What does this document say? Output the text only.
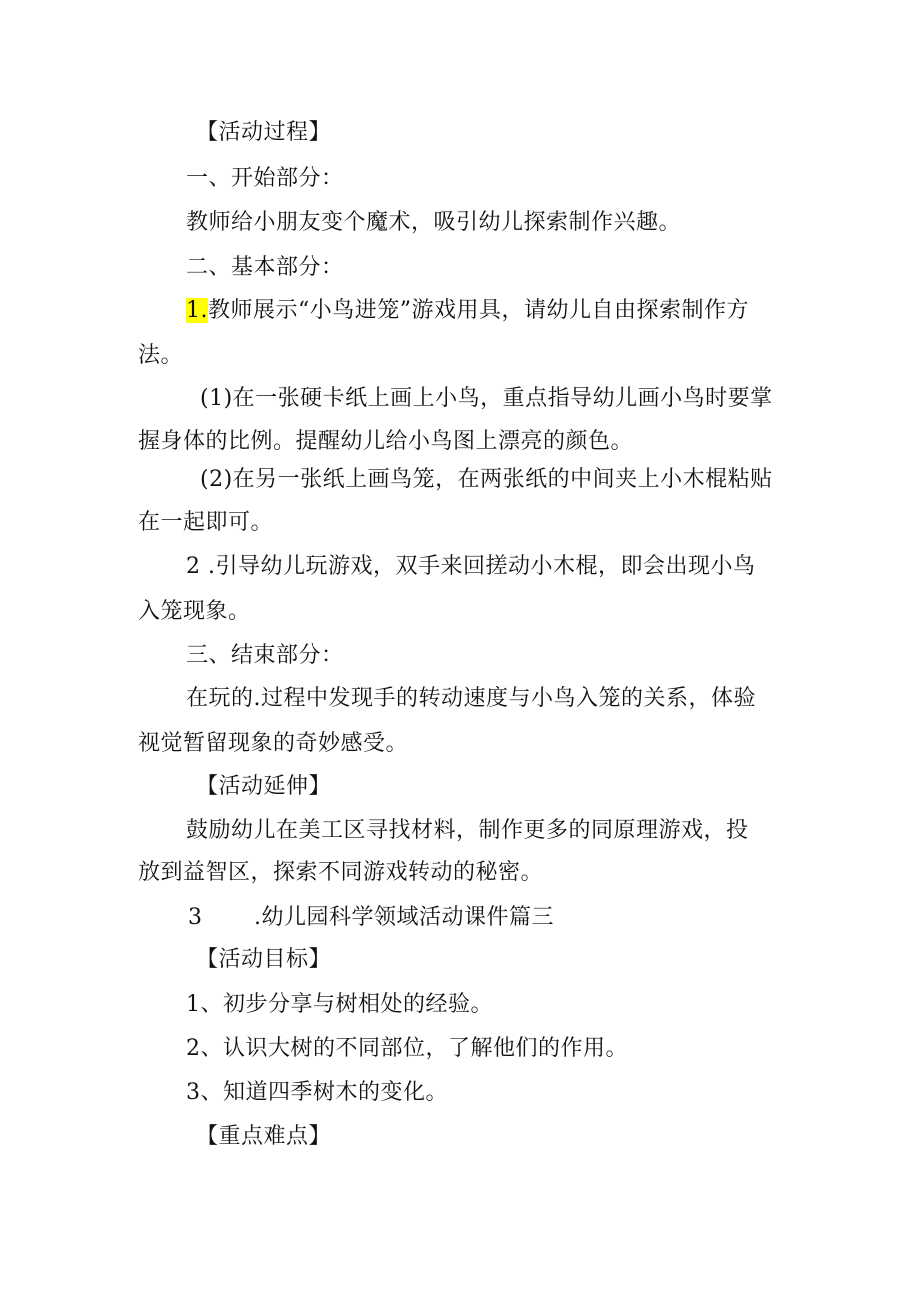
【活动过程】
一、开始部分：
教师给小朋友变个魔术，吸引幼儿探索制作兴趣。
二、基本部分：
1.教师展示“小鸟进笼”游戏用具，请幼儿自由探索制作方
法。
(1)在一张硬卡纸上画上小鸟，重点指导幼儿画小鸟时要掌
握身体的比例。提醒幼儿给小鸟图上漂亮的颜色。
(2)在另一张纸上画鸟笼，在两张纸的中间夹上小木棍粘贴
在一起即可。
2 .引导幼儿玩游戏，双手来回搓动小木棍，即会出现小鸟
入笼现象。
三、结束部分：
在玩的.过程中发现手的转动速度与小鸟入笼的关系，体验
视觉暂留现象的奇妙感受。
【活动延伸】
鼓励幼儿在美工区寻找材料，制作更多的同原理游戏，投
放到益智区，探索不同游戏转动的秘密。
3 .幼儿园科学领域活动课件篇三
【活动目标】
1、初步分享与树相处的经验。
2、认识大树的不同部位，了解他们的作用。
3、知道四季树木的变化。
【重点难点】
